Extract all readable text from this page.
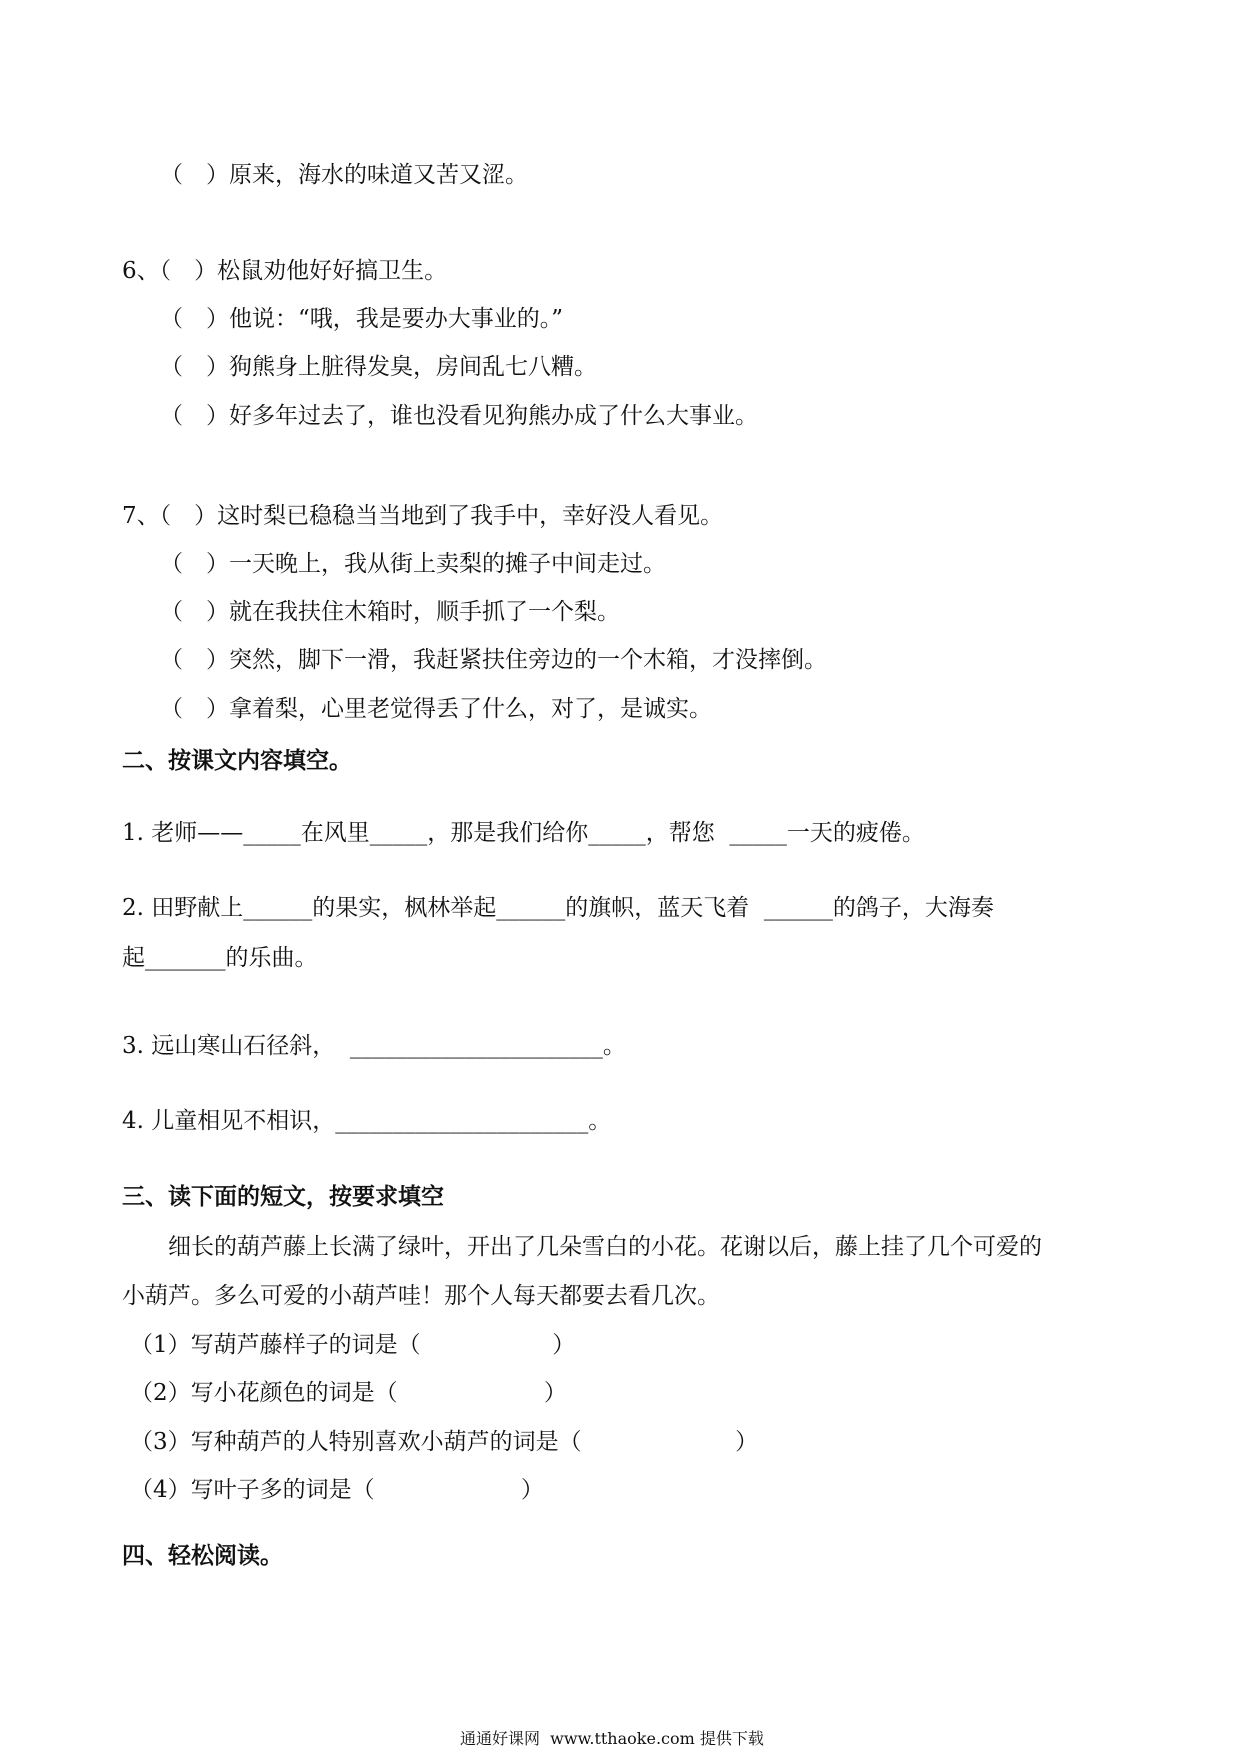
（　）原来，海水的味道又苦又涩。
6、（　）松鼠劝他好好搞卫生。
（　）他说：“哦，我是要办大事业的。”
（　）狗熊身上脏得发臭，房间乱七八糟。
（　）好多年过去了，谁也没看见狗熊办成了什么大事业。
7、（　）这时梨已稳稳当当地到了我手中，幸好没人看见。
（　）一天晚上，我从街上卖梨的摊子中间走过。
（　）就在我扶住木箱时，顺手抓了一个梨。
（　）突然，脚下一滑，我赶紧扶住旁边的一个木箱，才没摔倒。
（　）拿着梨，心里老觉得丢了什么，对了，是诚实。
二、按课文内容填空。
1. 老师——_____在风里_____，那是我们给你_____，帮您  _____一天的疲倦。
2. 田野献上______的果实，枫林举起______的旗帜，蓝天飞着  ______的鸽子，大海奏
起_______的乐曲。
3. 远山寒山石径斜，  ______________________。
4. 儿童相见不相识，______________________。
三、读下面的短文，按要求填空
细长的葫芦藤上长满了绿叶，开出了几朵雪白的小花。花谢以后，藤上挂了几个可爱的
小葫芦。多么可爱的小葫芦哇！那个人每天都要去看几次。
（1）写葫芦藤样子的词是（                  ）
（2）写小花颜色的词是（                    ）
（3）写种葫芦的人特别喜欢小葫芦的词是（                     ）
（4）写叶子多的词是（                    ）
四、轻松阅读。
通通好课网  www.tthaoke.com 提供下载
